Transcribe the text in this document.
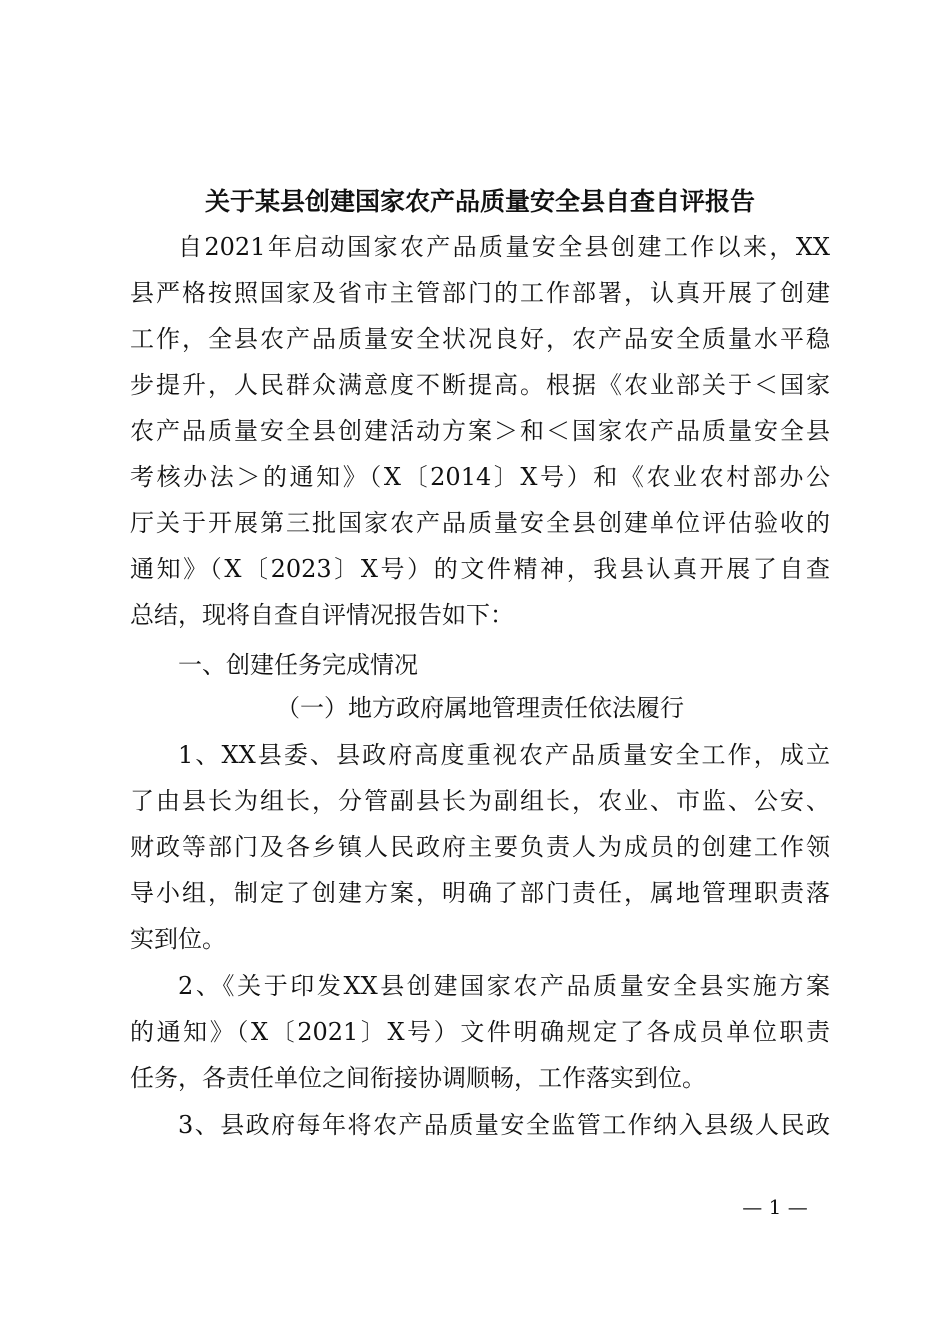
关于某县创建国家农产品质量安全县自查自评报告
自2021年启动国家农产品质量安全县创建工作以来，XX
县严格按照国家及省市主管部门的工作部署，认真开展了创建
工作，全县农产品质量安全状况良好，农产品安全质量水平稳
步提升，人民群众满意度不断提高。根据《农业部关于＜国家
农产品质量安全县创建活动方案＞和＜国家农产品质量安全县
考核办法＞的通知》（X〔2014〕X号）和《农业农村部办公
厅关于开展第三批国家农产品质量安全县创建单位评估验收的
通知》（X〔2023〕X号）的文件精神，我县认真开展了自查
总结，现将自查自评情况报告如下：
一、创建任务完成情况
（一）地方政府属地管理责任依法履行
1、XX县委、县政府高度重视农产品质量安全工作，成立
了由县长为组长，分管副县长为副组长，农业、市监、公安、
财政等部门及各乡镇人民政府主要负责人为成员的创建工作领
导小组，制定了创建方案，明确了部门责任，属地管理职责落
实到位。
2、《关于印发XX县创建国家农产品质量安全县实施方案
的通知》（X〔2021〕X号）文件明确规定了各成员单位职责
任务，各责任单位之间衔接协调顺畅，工作落实到位。
3、县政府每年将农产品质量安全监管工作纳入县级人民政
— 1 —
